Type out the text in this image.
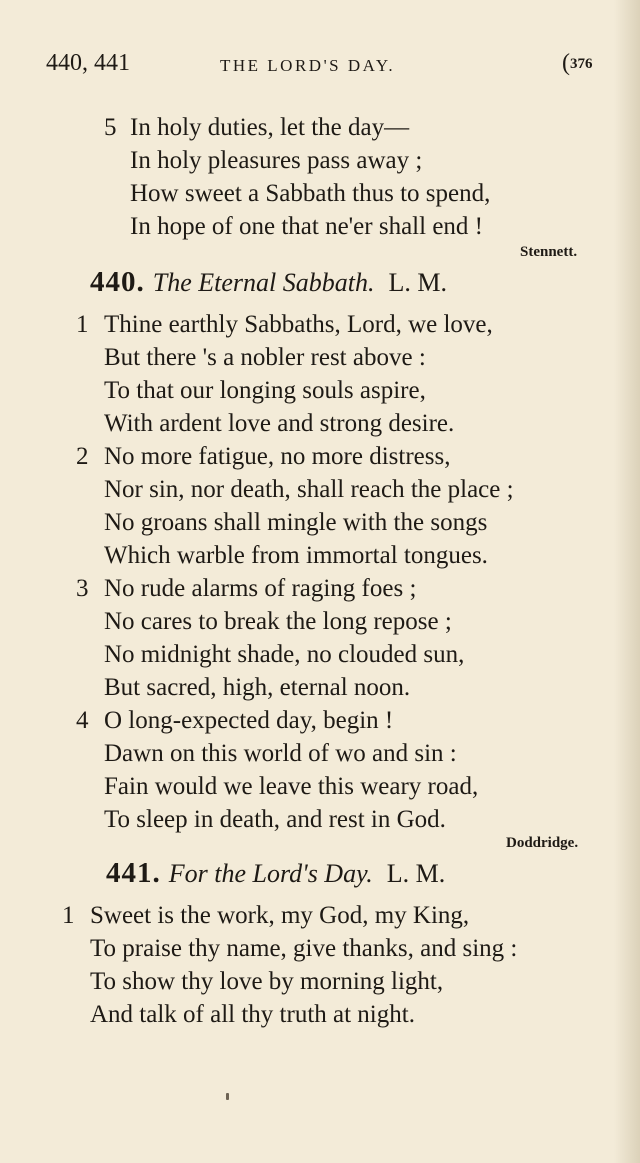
440, 441	THE LORD'S DAY.	(376
5 In holy duties, let the day—
In holy pleasures pass away ;
How sweet a Sabbath thus to spend,
In hope of one that ne'er shall end !
Stennett.
440. The Eternal Sabbath. L. M.
1 Thine earthly Sabbaths, Lord, we love,
But there 's a nobler rest above :
To that our longing souls aspire,
With ardent love and strong desire.
2 No more fatigue, no more distress,
Nor sin, nor death, shall reach the place ;
No groans shall mingle with the songs
Which warble from immortal tongues.
3 No rude alarms of raging foes ;
No cares to break the long repose ;
No midnight shade, no clouded sun,
But sacred, high, eternal noon.
4 O long-expected day, begin !
Dawn on this world of wo and sin :
Fain would we leave this weary road,
To sleep in death, and rest in God.
Doddridge.
441. For the Lord's Day. L. M.
1 Sweet is the work, my God, my King,
To praise thy name, give thanks, and sing :
To show thy love by morning light,
And talk of all thy truth at night.
